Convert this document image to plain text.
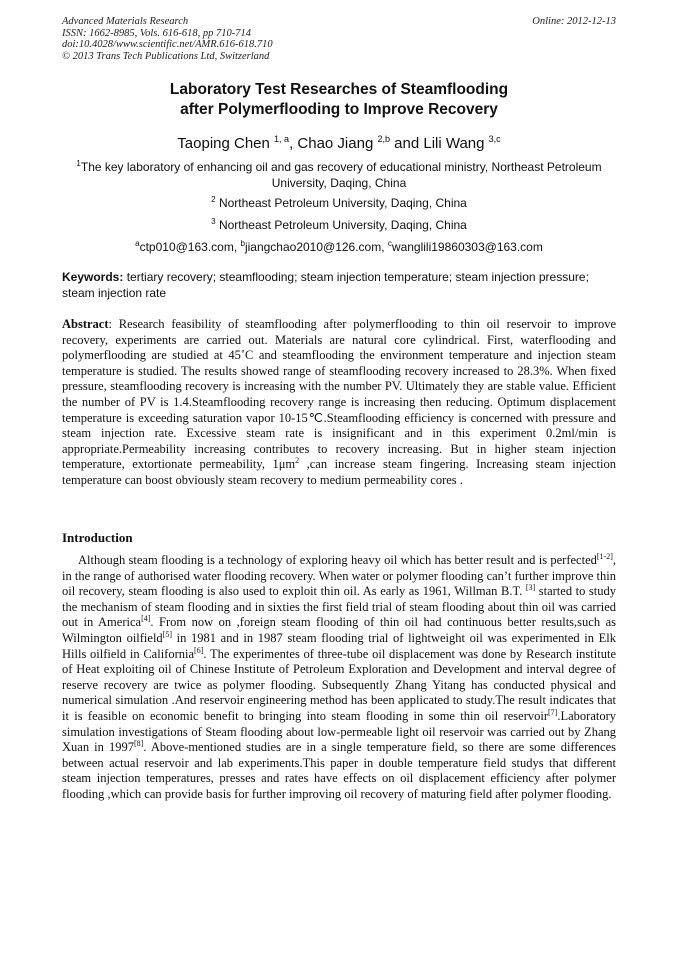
Advanced Materials Research
ISSN: 1662-8985, Vols. 616-618, pp 710-714
doi:10.4028/www.scientific.net/AMR.616-618.710
© 2013 Trans Tech Publications Ltd, Switzerland
Online: 2012-12-13
Laboratory Test Researches of Steamflooding
after Polymerflooding to Improve Recovery
Taoping Chen $^{1, a}$, Chao Jiang $^{2,b}$ and Lili Wang $^{3,c}$
$^1$The key laboratory of enhancing oil and gas recovery of educational ministry, Northeast Petroleum University, Daqing, China
$^2$ Northeast Petroleum University, Daqing, China
$^3$ Northeast Petroleum University, Daqing, China
$^a$ctp010@163.com, $^b$jiangchao2010@126.com, $^c$wanglili19860303@163.com
Keywords: tertiary recovery; steamflooding; steam injection temperature; steam injection pressure; steam injection rate
Abstract: Research feasibility of steamflooding after polymerflooding to thin oil reservoir to improve recovery, experiments are carried out. Materials are natural core cylindrical. First, waterflooding and polymerflooding are studied at 45˚C and steamflooding the environment temperature and injection steam temperature is studied. The results showed range of steamflooding recovery increased to 28.3%. When fixed pressure, steamflooding recovery is increasing with the number PV. Ultimately they are stable value. Efficient the number of PV is 1.4.Steamflooding recovery range is increasing then reducing. Optimum displacement temperature is exceeding saturation vapor 10-15℃.Steamflooding efficiency is concerned with pressure and steam injection rate. Excessive steam rate is insignificant and in this experiment 0.2ml/min is appropriate.Permeability increasing contributes to recovery increasing. But in higher steam injection temperature, extortionate permeability, $1\mu m^2$ ,can increase steam fingering. Increasing steam injection temperature can boost obviously steam recovery to medium permeability cores .
Introduction
Although steam flooding is a technology of exploring heavy oil which has better result and is perfected[1-2], in the range of authorised water flooding recovery. When water or polymer flooding can’t further improve thin oil recovery, steam flooding is also used to exploit thin oil. As early as 1961, Willman B.T. [3] started to study the mechanism of steam flooding and in sixties the first field trial of steam flooding about thin oil was carried out in America[4]. From now on ,foreign steam flooding of thin oil had continuous better results,such as Wilmington oilfield[5] in 1981 and in 1987 steam flooding trial of lightweight oil was experimented in Elk Hills oilfield in California[6]. The experimentes of three-tube oil displacement was done by Research institute of Heat exploiting oil of Chinese Institute of Petroleum Exploration and Development and interval degree of reserve recovery are twice as polymer flooding. Subsequently Zhang Yitang has conducted physical and numerical simulation .And reservoir engineering method has been applicated to study.The result indicates that it is feasible on economic benefit to bringing into steam flooding in some thin oil reservoir[7].Laboratory simulation investigations of Steam flooding about low-permeable light oil reservoir was carried out by Zhang Xuan in 1997[8]. Above-mentioned studies are in a single temperature field, so there are some differences between actual reservoir and lab experiments.This paper in double temperature field studys that different steam injection temperatures, presses and rates have effects on oil displacement efficiency after polymer flooding ,which can provide basis for further improving oil recovery of maturing field after polymer flooding.
